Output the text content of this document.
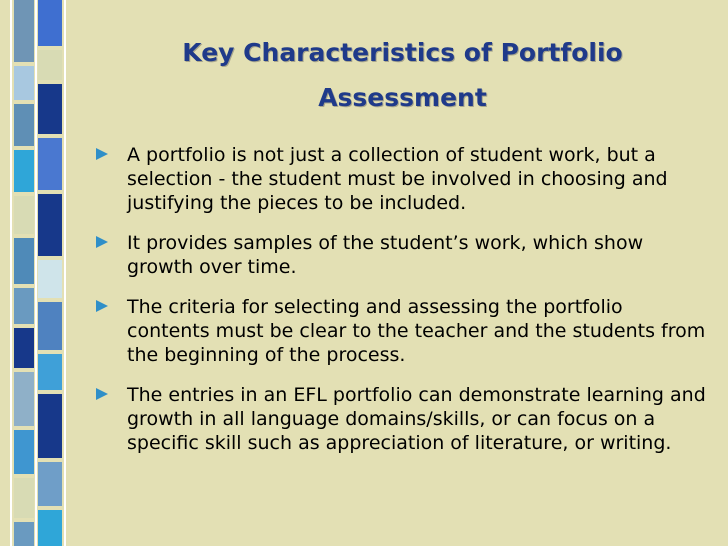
Key Characteristics of Portfolio
Assessment
A portfolio is not just a collection of student work, but a selection - the student must be involved in choosing and justifying the pieces to be included.
It provides samples of the student’s work, which show growth over time.
The criteria for selecting and assessing the portfolio contents must be clear to the teacher and the students from the beginning of the process.
The entries in an EFL portfolio can demonstrate learning and growth in all language domains/skills, or can focus on a specific skill such as appreciation of literature, or writing.
